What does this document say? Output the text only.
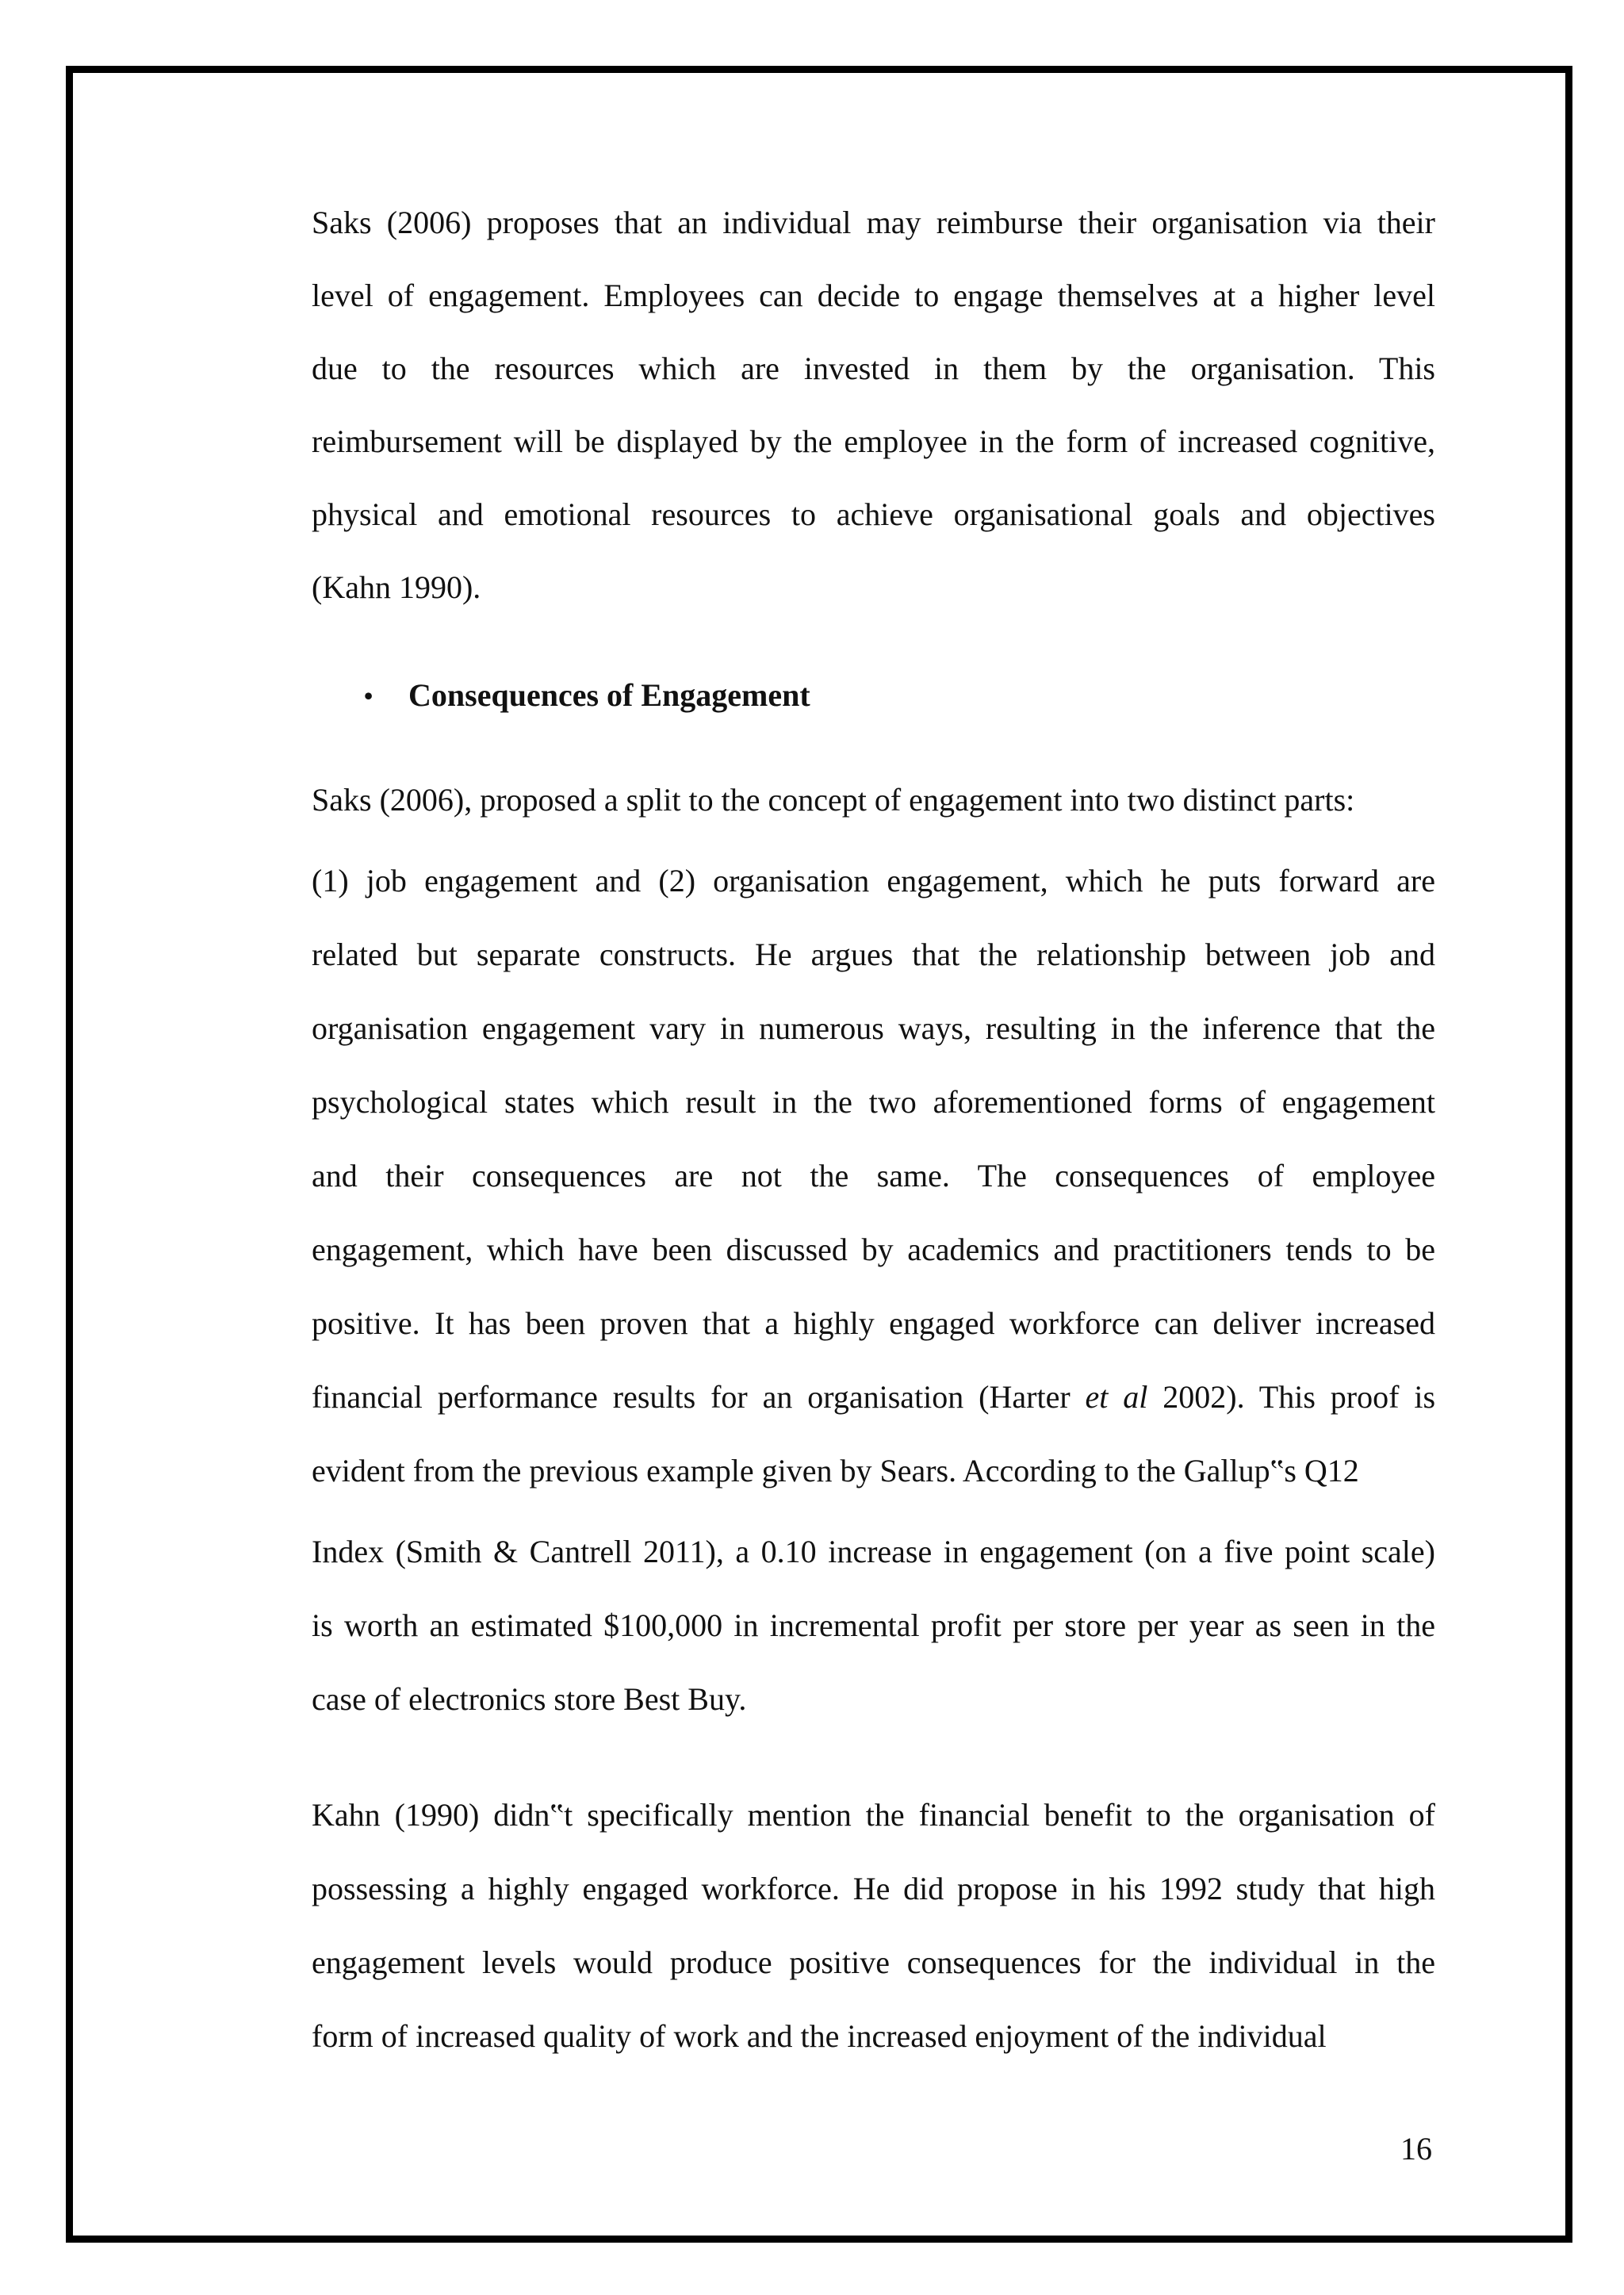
Saks (2006) proposes that an individual may reimburse their organisation via their
level of engagement. Employees can decide to engage themselves at a higher level
due to the resources which are invested in them by the organisation. This
reimbursement will be displayed by the employee in the form of increased cognitive,
physical and emotional resources to achieve organisational goals and objectives
(Kahn 1990).
• Consequences of Engagement
Saks (2006), proposed a split to the concept of engagement into two distinct parts:
(1) job engagement and (2) organisation engagement, which he puts forward are
related but separate constructs. He argues that the relationship between job and
organisation engagement vary in numerous ways, resulting in the inference that the
psychological states which result in the two aforementioned forms of engagement
and their consequences are not the same. The consequences of employee
engagement, which have been discussed by academics and practitioners tends to be
positive. It has been proven that a highly engaged workforce can deliver increased
financial performance results for an organisation (Harter et al 2002). This proof is
evident from the previous example given by Sears. According to the Gallup‟s Q12
Index (Smith & Cantrell 2011), a 0.10 increase in engagement (on a five point scale)
is worth an estimated $100,000 in incremental profit per store per year as seen in the
case of electronics store Best Buy.
Kahn (1990) didn‟t specifically mention the financial benefit to the organisation of
possessing a highly engaged workforce. He did propose in his 1992 study that high
engagement levels would produce positive consequences for the individual in the
form of increased quality of work and the increased enjoyment of the individual
16
